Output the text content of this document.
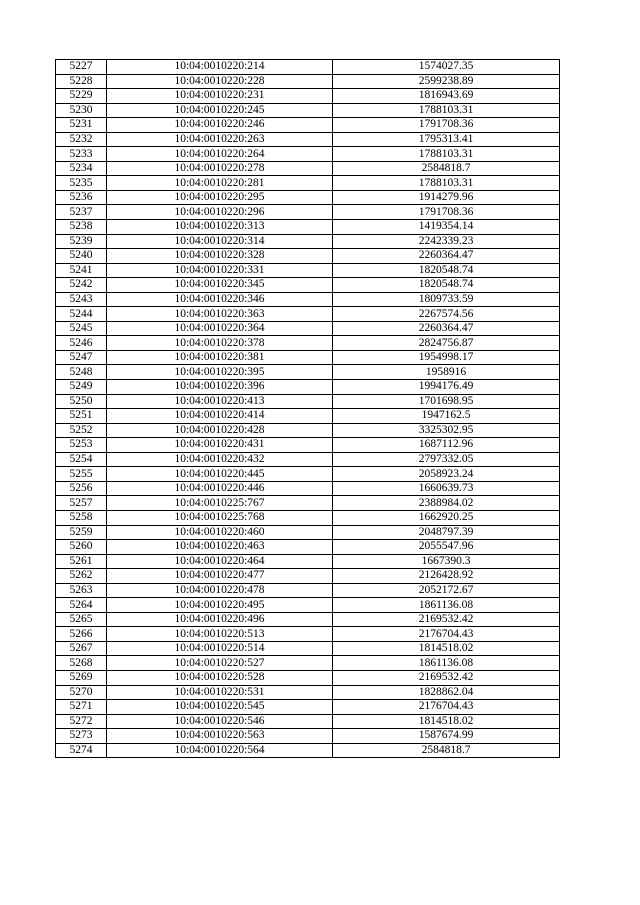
5227	10:04:0010220:214	1574027.35
5228	10:04:0010220:228	2599238.89
5229	10:04:0010220:231	1816943.69
5230	10:04:0010220:245	1788103.31
5231	10:04:0010220:246	1791708.36
5232	10:04:0010220:263	1795313.41
5233	10:04:0010220:264	1788103.31
5234	10:04:0010220:278	2584818.7
5235	10:04:0010220:281	1788103.31
5236	10:04:0010220:295	1914279.96
5237	10:04:0010220:296	1791708.36
5238	10:04:0010220:313	1419354.14
5239	10:04:0010220:314	2242339.23
5240	10:04:0010220:328	2260364.47
5241	10:04:0010220:331	1820548.74
5242	10:04:0010220:345	1820548.74
5243	10:04:0010220:346	1809733.59
5244	10:04:0010220:363	2267574.56
5245	10:04:0010220:364	2260364.47
5246	10:04:0010220:378	2824756.87
5247	10:04:0010220:381	1954998.17
5248	10:04:0010220:395	1958916
5249	10:04:0010220:396	1994176.49
5250	10:04:0010220:413	1701698.95
5251	10:04:0010220:414	1947162.5
5252	10:04:0010220:428	3325302.95
5253	10:04:0010220:431	1687112.96
5254	10:04:0010220:432	2797332.05
5255	10:04:0010220:445	2058923.24
5256	10:04:0010220:446	1660639.73
5257	10:04:0010225:767	2388984.02
5258	10:04:0010225:768	1662920.25
5259	10:04:0010220:460	2048797.39
5260	10:04:0010220:463	2055547.96
5261	10:04:0010220:464	1667390.3
5262	10:04:0010220:477	2126428.92
5263	10:04:0010220:478	2052172.67
5264	10:04:0010220:495	1861136.08
5265	10:04:0010220:496	2169532.42
5266	10:04:0010220:513	2176704.43
5267	10:04:0010220:514	1814518.02
5268	10:04:0010220:527	1861136.08
5269	10:04:0010220:528	2169532.42
5270	10:04:0010220:531	1828862.04
5271	10:04:0010220:545	2176704.43
5272	10:04:0010220:546	1814518.02
5273	10:04:0010220:563	1587674.99
5274	10:04:0010220:564	2584818.7
